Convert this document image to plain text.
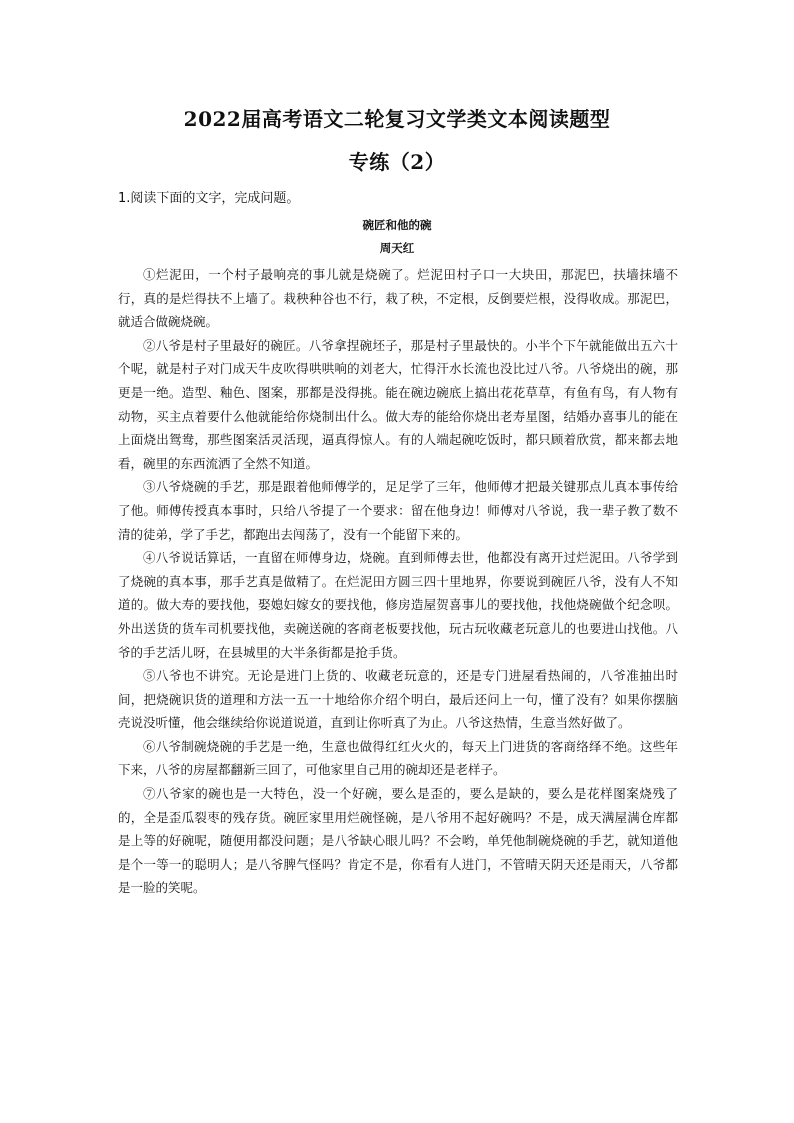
2022届高考语文二轮复习文学类文本阅读题型
专练（2）
1.阅读下面的文字，完成问题。
碗匠和他的碗
周天红

①烂泥田，一个村子最响亮的事儿就是烧碗了。烂泥田村子口一大块田，那泥巴，扶墙抹墙不行，真的是烂得扶不上墙了。栽秧种谷也不行，栽了秧，不定根，反倒要烂根，没得收成。那泥巴，就适合做碗烧碗。

②八爷是村子里最好的碗匠。八爷拿捏碗坯子，那是村子里最快的。小半个下午就能做出五六十个呢，就是村子对门成天牛皮吹得哄哄响的刘老大，忙得汗水长流也没比过八爷。八爷烧出的碗，那更是一绝。造型、釉色、图案，那都是没得挑。能在碗边碗底上搞出花花草草，有鱼有鸟，有人物有动物，买主点着要什么他就能给你烧制出什么。做大寿的能给你烧出老寿星图，结婚办喜事儿的能在上面烧出鸳鸯，那些图案活灵活现，逼真得惊人。有的人端起碗吃饭时，都只顾着欣赏，都来都去地看，碗里的东西流洒了全然不知道。

③八爷烧碗的手艺，那是跟着他师傅学的，足足学了三年，他师傅才把最关键那点儿真本事传给了他。师傅传授真本事时，只给八爷提了一个要求：留在他身边！师傅对八爷说，我一辈子教了数不清的徒弟，学了手艺，都跑出去闯荡了，没有一个能留下来的。

④八爷说话算话，一直留在师傅身边，烧碗。直到师傅去世，他都没有离开过烂泥田。八爷学到了烧碗的真本事，那手艺真是做精了。在烂泥田方圆三四十里地界，你要说到碗匠八爷，没有人不知道的。做大寿的要找他，娶媳妇嫁女的要找他，修房造屋贺喜事儿的要找他，找他烧碗做个纪念呗。外出送货的货车司机要找他，卖碗送碗的客商老板要找他，玩古玩收藏老玩意儿的也要进山找他。八爷的手艺活儿呀，在县城里的大半条街都是抢手货。

⑤八爷也不讲究。无论是进门上货的、收藏老玩意的，还是专门进屋看热闹的，八爷准抽出时间，把烧碗识货的道理和方法一五一十地给你介绍个明白，最后还问上一句，懂了没有？如果你摆脑壳说没听懂，他会继续给你说道说道，直到让你听真了为止。八爷这热情，生意当然好做了。

⑥八爷制碗烧碗的手艺是一绝，生意也做得红红火火的，每天上门进货的客商络绎不绝。这些年下来，八爷的房屋都翻新三回了，可他家里自己用的碗却还是老样子。

⑦八爷家的碗也是一大特色，没一个好碗，要么是歪的，要么是缺的，要么是花样图案烧残了的，全是歪瓜裂枣的残存货。碗匠家里用烂碗怪碗，是八爷用不起好碗吗？不是，成天满屋满仓库都是上等的好碗呢，随便用都没问题；是八爷缺心眼儿吗？不会哟，单凭他制碗烧碗的手艺，就知道他是个一等一的聪明人；是八爷脾气怪吗？肯定不是，你看有人进门，不管晴天阴天还是雨天，八爷都是一脸的笑呢。
